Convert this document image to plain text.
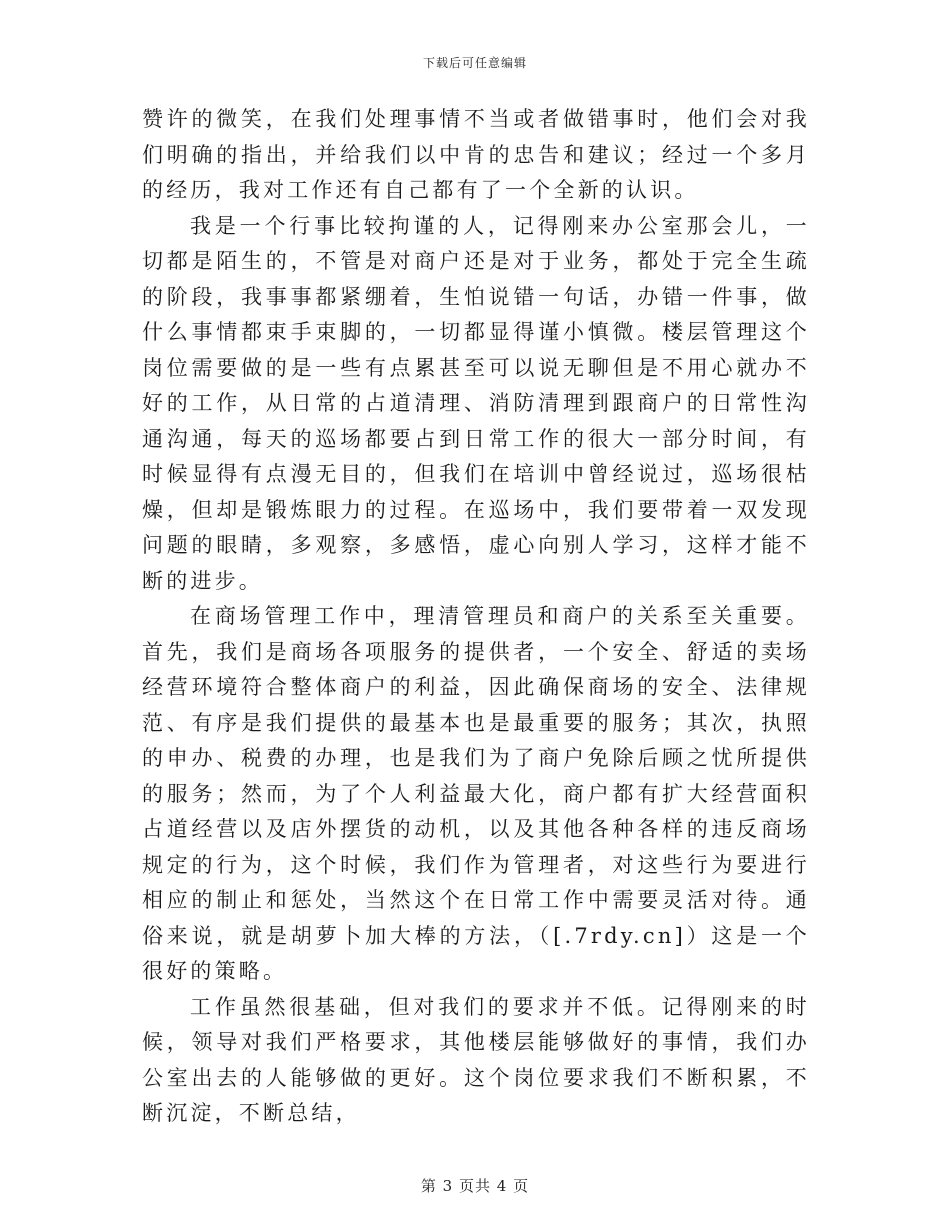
下载后可任意编辑

赞许的微笑，在我们处理事情不当或者做错事时，他们会对我们明确的指出，并给我们以中肯的忠告和建议；经过一个多月的经历，我对工作还有自己都有了一个全新的认识。

我是一个行事比较拘谨的人，记得刚来办公室那会儿，一切都是陌生的，不管是对商户还是对于业务，都处于完全生疏的阶段，我事事都紧绷着，生怕说错一句话，办错一件事，做什么事情都束手束脚的，一切都显得谨小慎微。楼层管理这个岗位需要做的是一些有点累甚至可以说无聊但是不用心就办不好的工作，从日常的占道清理、消防清理到跟商户的日常性沟通沟通，每天的巡场都要占到日常工作的很大一部分时间，有时候显得有点漫无目的，但我们在培训中曾经说过，巡场很枯燥，但却是锻炼眼力的过程。在巡场中，我们要带着一双发现问题的眼睛，多观察，多感悟，虚心向别人学习，这样才能不断的进步。

在商场管理工作中，理清管理员和商户的关系至关重要。首先，我们是商场各项服务的提供者，一个安全、舒适的卖场经营环境符合整体商户的利益，因此确保商场的安全、法律规范、有序是我们提供的最基本也是最重要的服务；其次，执照的申办、税费的办理，也是我们为了商户免除后顾之忧所提供的服务；然而，为了个人利益最大化，商户都有扩大经营面积占道经营以及店外摆货的动机，以及其他各种各样的违反商场规定的行为，这个时候，我们作为管理者，对这些行为要进行相应的制止和惩处，当然这个在日常工作中需要灵活对待。通俗来说，就是胡萝卜加大棒的方法，（[.7rdy.cn]）这是一个很好的策略。

工作虽然很基础，但对我们的要求并不低。记得刚来的时候，领导对我们严格要求，其他楼层能够做好的事情，我们办公室出去的人能够做的更好。这个岗位要求我们不断积累，不断沉淀，不断总结，

第 3 页共 4 页
